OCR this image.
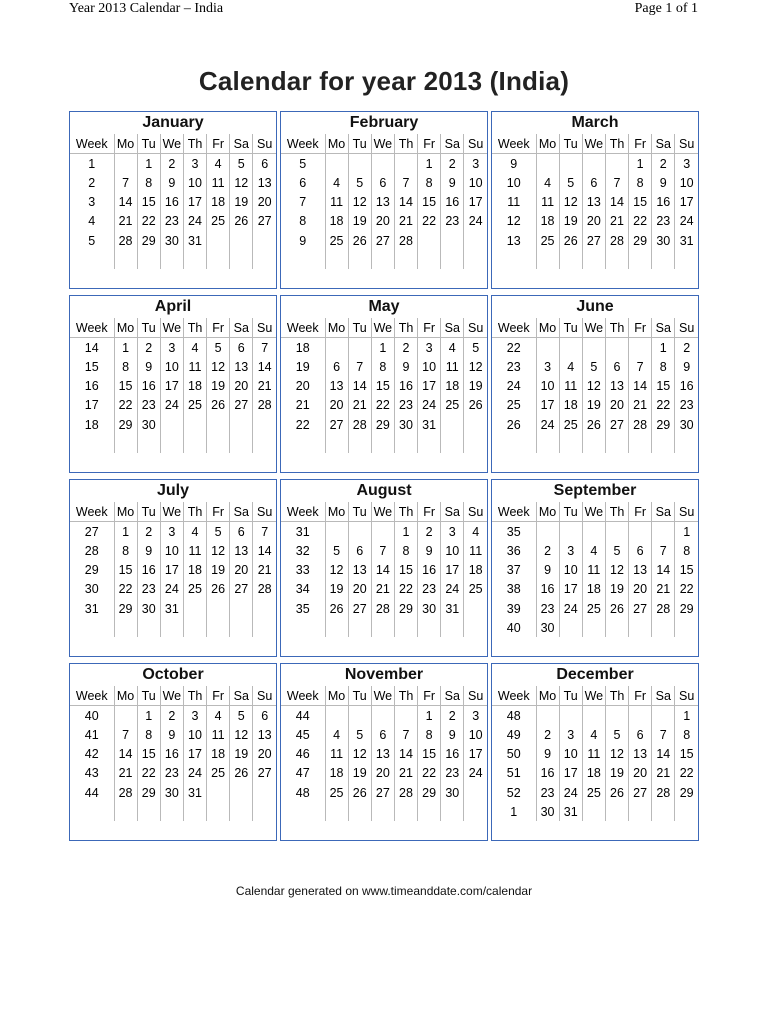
Year 2013 Calendar – India	Page 1 of 1
Calendar for year 2013 (India)
January
Week	Mo	Tu	We	Th	Fr	Sa	Su
1		1	2	3	4	5	6
2	7	8	9	10	11	12	13
3	14	15	16	17	18	19	20
4	21	22	23	24	25	26	27
5	28	29	30	31			

February
Week	Mo	Tu	We	Th	Fr	Sa	Su
5					1	2	3
6	4	5	6	7	8	9	10
7	11	12	13	14	15	16	17
8	18	19	20	21	22	23	24
9	25	26	27	28			

March
Week	Mo	Tu	We	Th	Fr	Sa	Su
9					1	2	3
10	4	5	6	7	8	9	10
11	11	12	13	14	15	16	17
12	18	19	20	21	22	23	24
13	25	26	27	28	29	30	31

April
Week	Mo	Tu	We	Th	Fr	Sa	Su
14	1	2	3	4	5	6	7
15	8	9	10	11	12	13	14
16	15	16	17	18	19	20	21
17	22	23	24	25	26	27	28
18	29	30					

May
Week	Mo	Tu	We	Th	Fr	Sa	Su
18			1	2	3	4	5
19	6	7	8	9	10	11	12
20	13	14	15	16	17	18	19
21	20	21	22	23	24	25	26
22	27	28	29	30	31		

June
Week	Mo	Tu	We	Th	Fr	Sa	Su
22						1	2
23	3	4	5	6	7	8	9
24	10	11	12	13	14	15	16
25	17	18	19	20	21	22	23
26	24	25	26	27	28	29	30

July
Week	Mo	Tu	We	Th	Fr	Sa	Su
27	1	2	3	4	5	6	7
28	8	9	10	11	12	13	14
29	15	16	17	18	19	20	21
30	22	23	24	25	26	27	28
31	29	30	31				

August
Week	Mo	Tu	We	Th	Fr	Sa	Su
31				1	2	3	4
32	5	6	7	8	9	10	11
33	12	13	14	15	16	17	18
34	19	20	21	22	23	24	25
35	26	27	28	29	30	31	

September
Week	Mo	Tu	We	Th	Fr	Sa	Su
35							1
36	2	3	4	5	6	7	8
37	9	10	11	12	13	14	15
38	16	17	18	19	20	21	22
39	23	24	25	26	27	28	29
40	30						
October
Week	Mo	Tu	We	Th	Fr	Sa	Su
40		1	2	3	4	5	6
41	7	8	9	10	11	12	13
42	14	15	16	17	18	19	20
43	21	22	23	24	25	26	27
44	28	29	30	31			

November
Week	Mo	Tu	We	Th	Fr	Sa	Su
44					1	2	3
45	4	5	6	7	8	9	10
46	11	12	13	14	15	16	17
47	18	19	20	21	22	23	24
48	25	26	27	28	29	30	

December
Week	Mo	Tu	We	Th	Fr	Sa	Su
48							1
49	2	3	4	5	6	7	8
50	9	10	11	12	13	14	15
51	16	17	18	19	20	21	22
52	23	24	25	26	27	28	29
1	30	31					
Calendar generated on www.timeanddate.com/calendar
